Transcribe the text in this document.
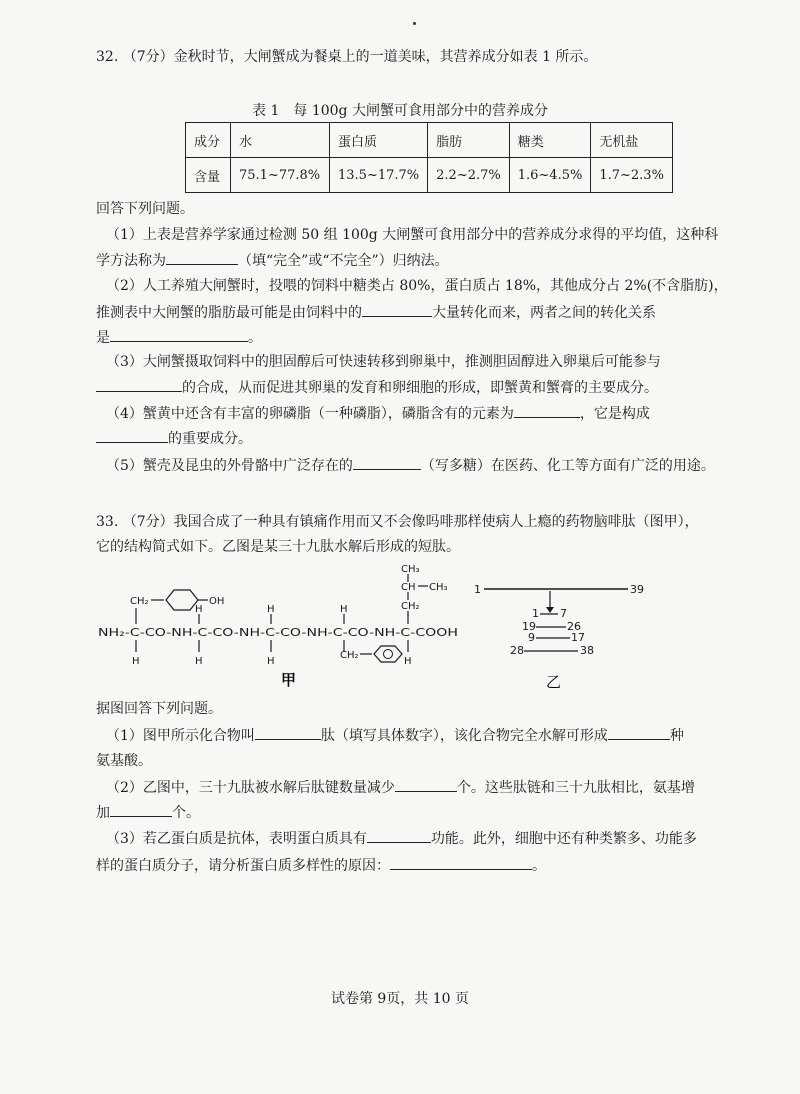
32. （7分）金秋时节，大闸蟹成为餐桌上的一道美味，其营养成分如表 1 所示。
表 1　每 100g 大闸蟹可食用部分中的营养成分
成分	水	蛋白质	脂肪	糖类	无机盐
含量	75.1~77.8%	13.5~17.7%	2.2~2.7%	1.6~4.5%	1.7~2.3%
回答下列问题。
（1）上表是营养学家通过检测 50 组 100g 大闸蟹可食用部分中的营养成分求得的平均值，这种科
学方法称为	（填“完全”或“不完全”）归纳法。
（2）人工养殖大闸蟹时，投喂的饲料中糖类占 80%，蛋白质占 18%，其他成分占 2%(不含脂肪)，
推测表中大闸蟹的脂肪最可能是由饲料中的	大量转化而来，两者之间的转化关系
是	。
（3）大闸蟹摄取饲料中的胆固醇后可快速转移到卵巢中，推测胆固醇进入卵巢后可能参与
的合成，从而促进其卵巢的发育和卵细胞的形成，即蟹黄和蟹膏的主要成分。
（4）蟹黄中还含有丰富的卵磷脂（一种磷脂），磷脂含有的元素为	，它是构成
的重要成分。
（5）蟹壳及昆虫的外骨骼中广泛存在的	（写多糖）在医药、化工等方面有广泛的用途。
33. （7分）我国合成了一种具有镇痛作用而又不会像吗啡那样使病人上瘾的药物脑啡肽（图甲），
它的结构简式如下。乙图是某三十九肽水解后形成的短肽。
NH₂-C-CO-NH-C-CO-NH-C-CO-NH-C-CO-NH-C-COOH
H	H	H
CH₂
H
H	H	H
CH₂	OH
CH₃
CH CH₃
CH₂
甲
1	39
1 7
19	26
9	17
28	38
乙
据图回答下列问题。
（1）图甲所示化合物叫	肽（填写具体数字），该化合物完全水解可形成	种
氨基酸。
（2）乙图中，三十九肽被水解后肽键数量减少	个。这些肽链和三十九肽相比，氨基增
加	个。
（3）若乙蛋白质是抗体，表明蛋白质具有	功能。此外，细胞中还有种类繁多、功能多
样的蛋白质分子，请分析蛋白质多样性的原因：	。
试卷第 9页，共 10 页
